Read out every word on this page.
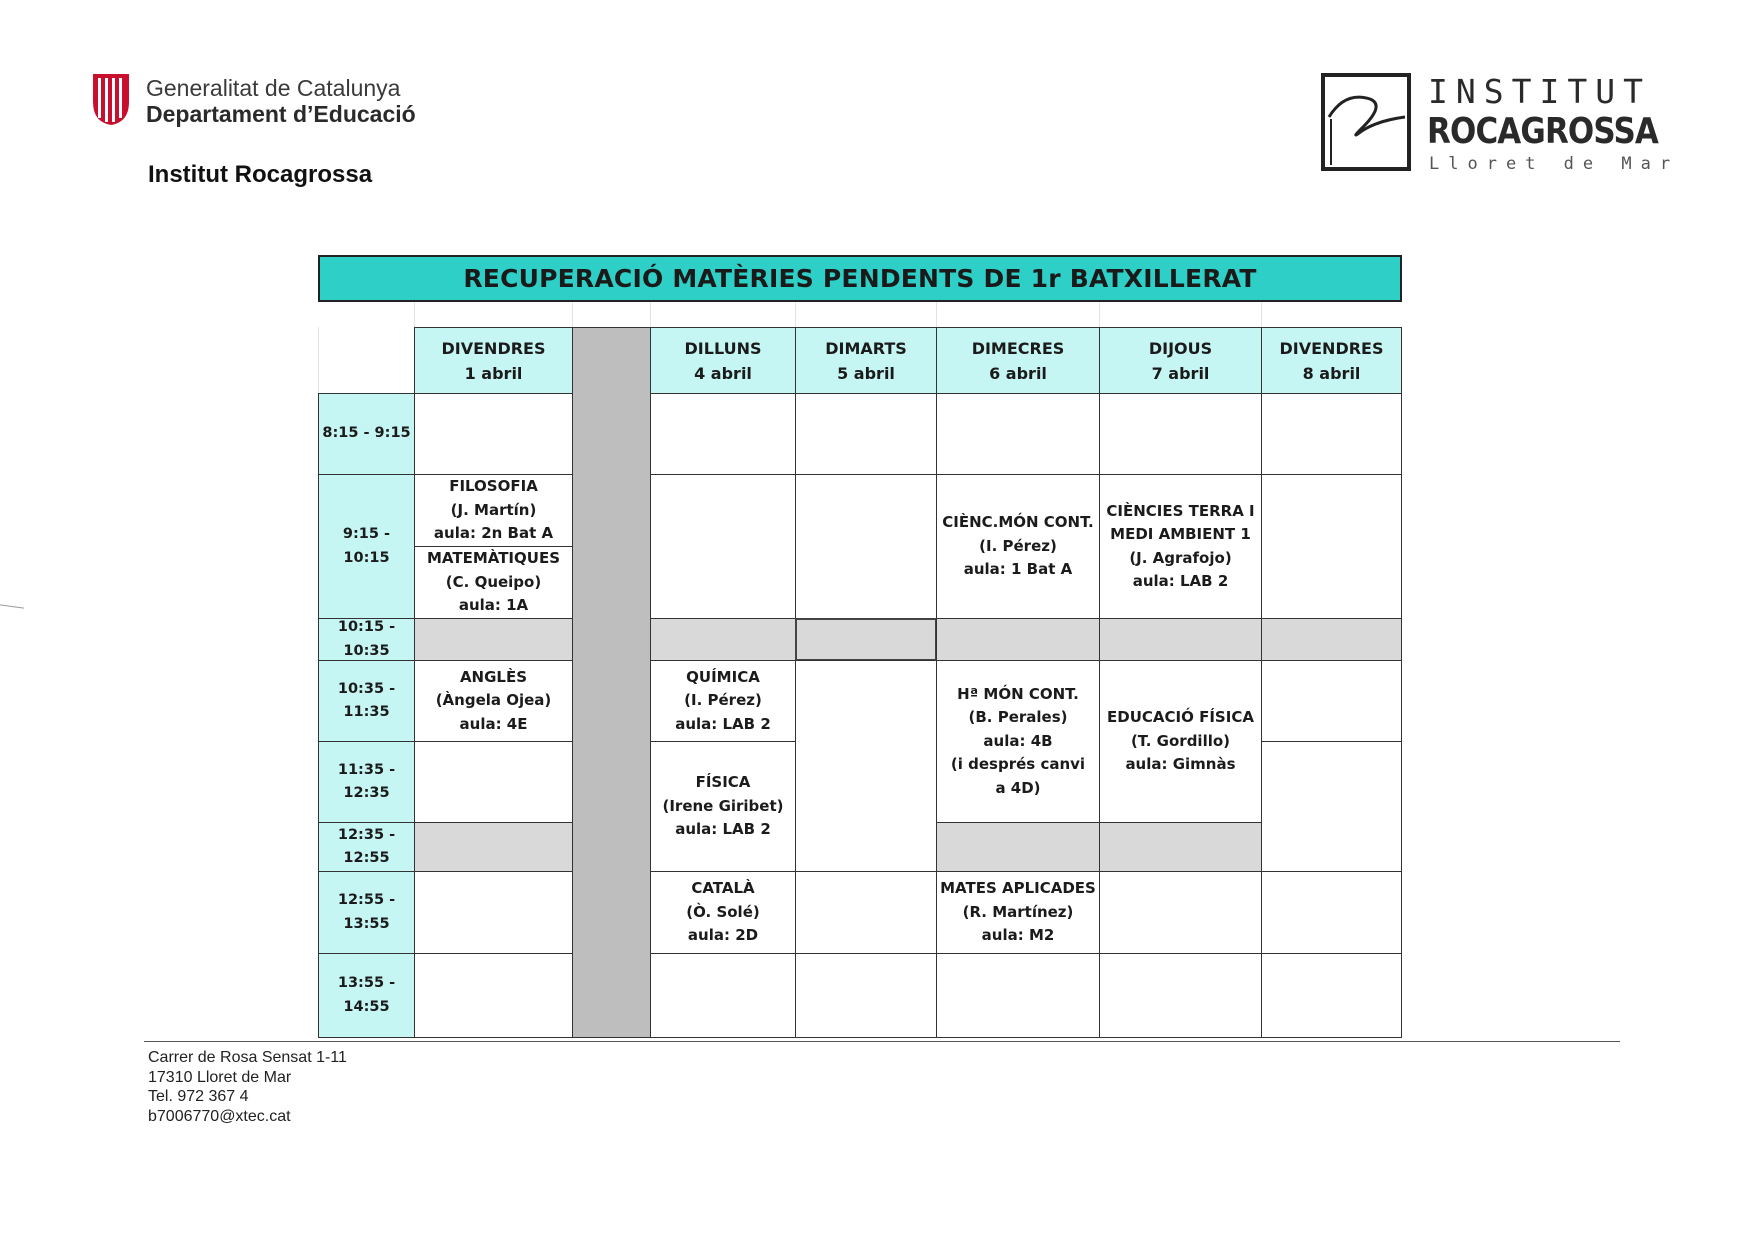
Generalitat de Catalunya
Departament d’Educació
Institut Rocagrossa
INSTITUT
ROCAGROSSA
Lloret de Mar
RECUPERACIÓ MATÈRIES PENDENTS DE 1r BATXILLERAT
DIVENDRES
1 abril
DILLUNS
4 abril
DIMARTS
5 abril
DIMECRES
6 abril
DIJOUS
7 abril
DIVENDRES
8 abril
8:15 - 9:15
9:15 - 10:15
10:15 -
10:35
10:35 -
11:35
11:35 -
12:35
12:35 -
12:55
12:55 -
13:55
13:55 -
14:55
FILOSOFIA
(J. Martín)
aula: 2n Bat A
MATEMÀTIQUES
(C. Queipo)
aula: 1A
ANGLÈS
(Àngela Ojea)
aula: 4E
QUÍMICA
(I. Pérez)
aula: LAB 2
FÍSICA
(Irene Giribet)
aula: LAB 2
CATALÀ
(Ò. Solé)
aula: 2D
CIÈNC.MÓN CONT.
(I. Pérez)
aula: 1 Bat A
Hª MÓN CONT.
(B. Perales)
aula: 4B
(i després canvi
a 4D)
MATES APLICADES
(R. Martínez)
aula: M2
CIÈNCIES TERRA I
MEDI AMBIENT 1
(J. Agrafojo)
aula: LAB 2
EDUCACIÓ FÍSICA
(T. Gordillo)
aula: Gimnàs
Carrer de Rosa Sensat 1-11
17310 Lloret de Mar
Tel. 972 367 4
b7006770@xtec.cat
